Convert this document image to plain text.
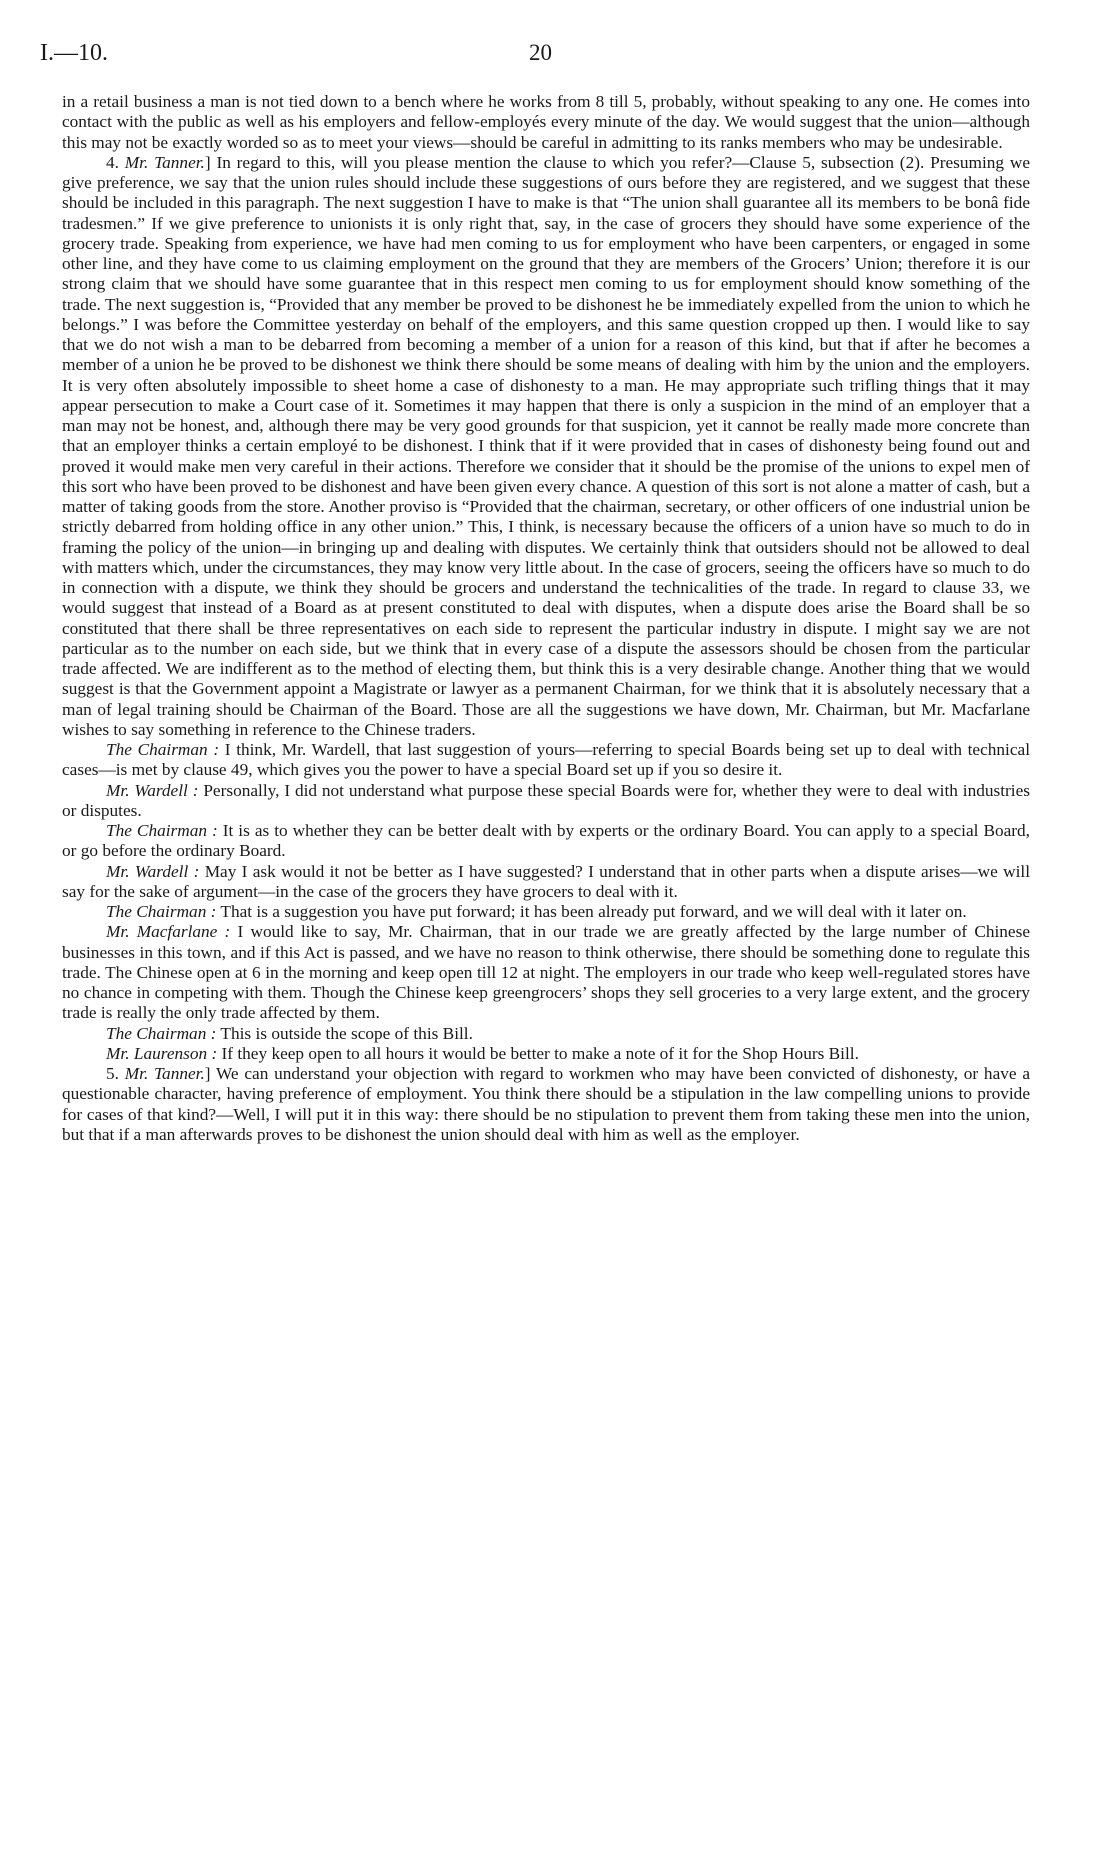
I.—10.	20

in a retail business a man is not tied down to a bench where he works from 8 till 5, probably, without speaking to any one. He comes into contact with the public as well as his employers and fellow-employés every minute of the day. We would suggest that the union—although this may not be exactly worded so as to meet your views—should be careful in admitting to its ranks members who may be undesirable.

4. Mr. Tanner.] In regard to this, will you please mention the clause to which you refer?—Clause 5, subsection (2). Presuming we give preference, we say that the union rules should include these suggestions of ours before they are registered, and we suggest that these should be included in this paragraph. The next suggestion I have to make is that “The union shall guarantee all its members to be bonâ fide tradesmen.” If we give preference to unionists it is only right that, say, in the case of grocers they should have some experience of the grocery trade. Speaking from experience, we have had men coming to us for employment who have been carpenters, or engaged in some other line, and they have come to us claiming employment on the ground that they are members of the Grocers’ Union; therefore it is our strong claim that we should have some guarantee that in this respect men coming to us for employment should know something of the trade. The next suggestion is, “Provided that any member be proved to be dishonest he be immediately expelled from the union to which he belongs.” I was before the Committee yesterday on behalf of the employers, and this same question cropped up then. I would like to say that we do not wish a man to be debarred from becoming a member of a union for a reason of this kind, but that if after he becomes a member of a union he be proved to be dishonest we think there should be some means of dealing with him by the union and the employers. It is very often absolutely impossible to sheet home a case of dishonesty to a man. He may appropriate such trifling things that it may appear persecution to make a Court case of it. Sometimes it may happen that there is only a suspicion in the mind of an employer that a man may not be honest, and, although there may be very good grounds for that suspicion, yet it cannot be really made more concrete than that an employer thinks a certain employé to be dishonest. I think that if it were provided that in cases of dishonesty being found out and proved it would make men very careful in their actions. Therefore we consider that it should be the promise of the unions to expel men of this sort who have been proved to be dishonest and have been given every chance. A question of this sort is not alone a matter of cash, but a matter of taking goods from the store. Another proviso is “Provided that the chairman, secretary, or other officers of one industrial union be strictly debarred from holding office in any other union.” This, I think, is necessary because the officers of a union have so much to do in framing the policy of the union—in bringing up and dealing with disputes. We certainly think that outsiders should not be allowed to deal with matters which, under the circumstances, they may know very little about. In the case of grocers, seeing the officers have so much to do in connection with a dispute, we think they should be grocers and understand the technicalities of the trade. In regard to clause 33, we would suggest that instead of a Board as at present constituted to deal with disputes, when a dispute does arise the Board shall be so constituted that there shall be three representatives on each side to represent the particular industry in dispute. I might say we are not particular as to the number on each side, but we think that in every case of a dispute the assessors should be chosen from the particular trade affected. We are indifferent as to the method of electing them, but think this is a very desirable change. Another thing that we would suggest is that the Government appoint a Magistrate or lawyer as a permanent Chairman, for we think that it is absolutely necessary that a man of legal training should be Chairman of the Board. Those are all the suggestions we have down, Mr. Chairman, but Mr. Macfarlane wishes to say something in reference to the Chinese traders.

The Chairman : I think, Mr. Wardell, that last suggestion of yours—referring to special Boards being set up to deal with technical cases—is met by clause 49, which gives you the power to have a special Board set up if you so desire it.

Mr. Wardell : Personally, I did not understand what purpose these special Boards were for, whether they were to deal with industries or disputes.

The Chairman : It is as to whether they can be better dealt with by experts or the ordinary Board. You can apply to a special Board, or go before the ordinary Board.

Mr. Wardell : May I ask would it not be better as I have suggested? I understand that in other parts when a dispute arises—we will say for the sake of argument—in the case of the grocers they have grocers to deal with it.

The Chairman : That is a suggestion you have put forward; it has been already put forward, and we will deal with it later on.

Mr. Macfarlane : I would like to say, Mr. Chairman, that in our trade we are greatly affected by the large number of Chinese businesses in this town, and if this Act is passed, and we have no reason to think otherwise, there should be something done to regulate this trade. The Chinese open at 6 in the morning and keep open till 12 at night. The employers in our trade who keep well-regulated stores have no chance in competing with them. Though the Chinese keep greengrocers’ shops they sell groceries to a very large extent, and the grocery trade is really the only trade affected by them.

The Chairman : This is outside the scope of this Bill.

Mr. Laurenson : If they keep open to all hours it would be better to make a note of it for the Shop Hours Bill.

5. Mr. Tanner.] We can understand your objection with regard to workmen who may have been convicted of dishonesty, or have a questionable character, having preference of employment. You think there should be a stipulation in the law compelling unions to provide for cases of that kind?—Well, I will put it in this way: there should be no stipulation to prevent them from taking these men into the union, but that if a man afterwards proves to be dishonest the union should deal with him as well as the employer.
